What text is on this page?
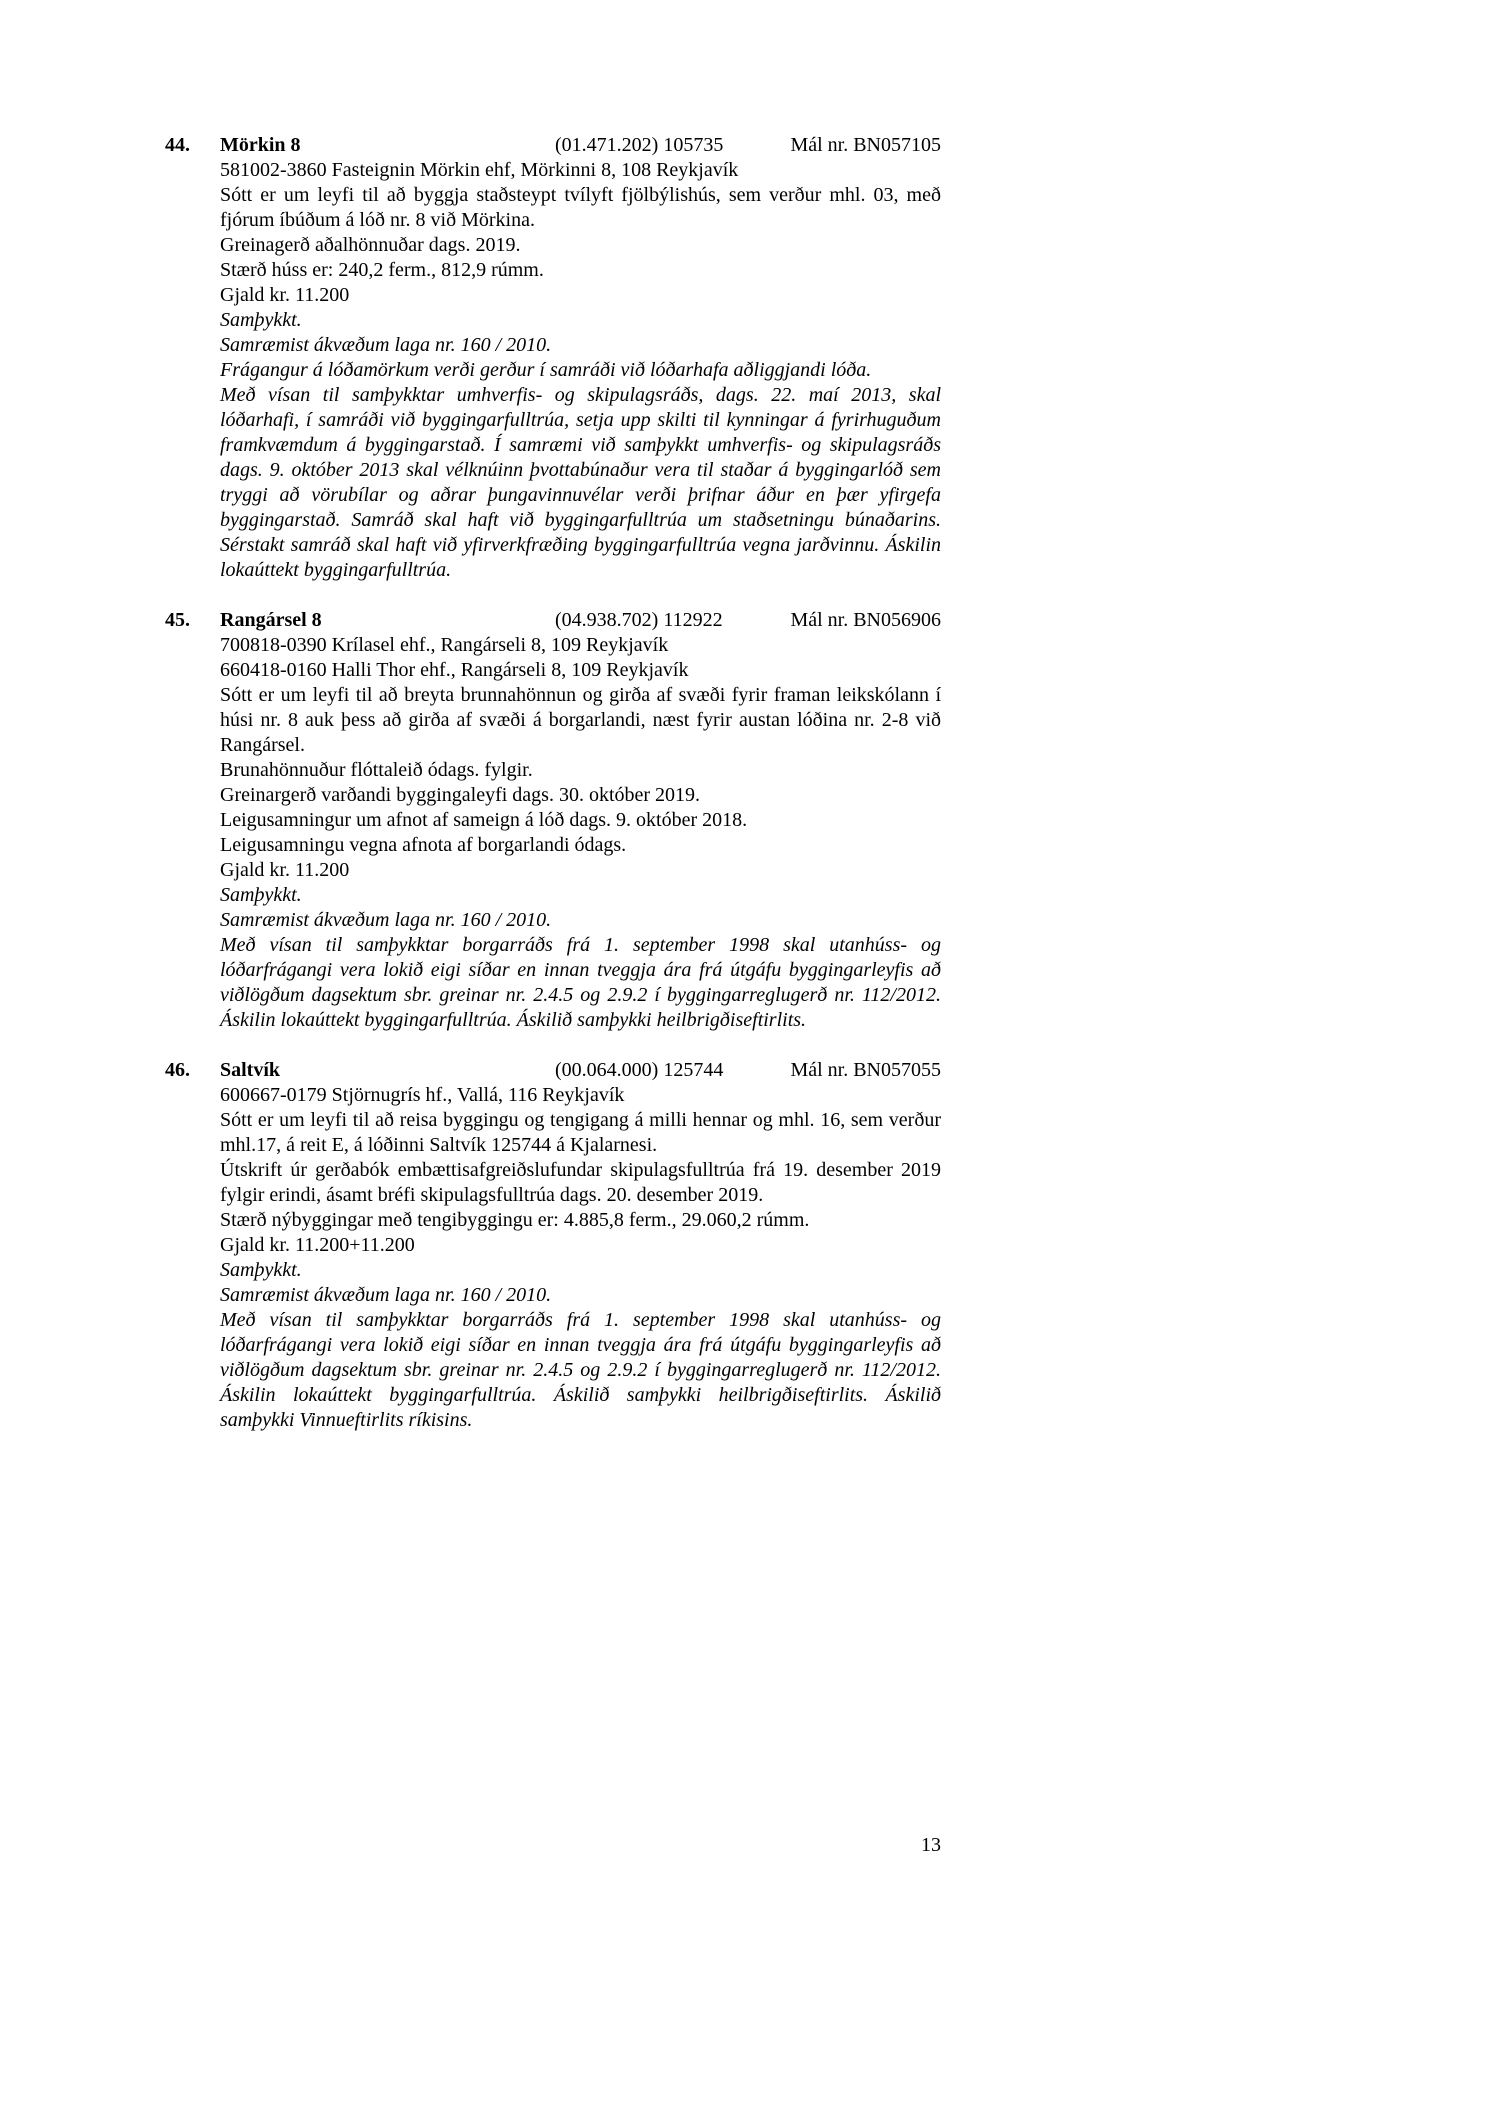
44.	Mörkin 8	(01.471.202) 105735	Mál nr. BN057105

581002-3860 Fasteignin Mörkin ehf, Mörkinni 8, 108 Reykjavík

Sótt er um leyfi til að byggja staðsteypt tvílyft fjölbýlishús, sem verður mhl. 03, með fjórum íbúðum á lóð nr. 8 við Mörkina.

Greinagerð aðalhönnuðar dags. 2019.

Stærð húss er: 240,2 ferm., 812,9 rúmm.

Gjald kr. 11.200

Samþykkt.

Samræmist ákvæðum laga nr. 160 / 2010.

Frágangur á lóðamörkum verði gerður í samráði við lóðarhafa aðliggjandi lóða.

Með vísan til samþykktar umhverfis- og skipulagsráðs, dags. 22. maí 2013, skal lóðarhafi, í samráði við byggingarfulltrúa, setja upp skilti til kynningar á fyrirhuguðum framkvæmdum á byggingarstað. Í samræmi við samþykkt umhverfis- og skipulagsráðs dags. 9. október 2013 skal vélknúinn þvottabúnaður vera til staðar á byggingarlóð sem tryggi að vörubílar og aðrar þungavinnuvélar verði þrifnar áður en þær yfirgefa byggingarstað. Samráð skal haft við byggingarfulltrúa um staðsetningu búnaðarins. Sérstakt samráð skal haft við yfirverkfræðing byggingarfulltrúa vegna jarðvinnu. Áskilin lokaúttekt byggingarfulltrúa.

45.	Rangársel 8	(04.938.702) 112922	Mál nr. BN056906

700818-0390 Krílasel ehf., Rangárseli 8, 109 Reykjavík

660418-0160 Halli Thor ehf., Rangárseli 8, 109 Reykjavík

Sótt er um leyfi til að breyta brunnahönnun og girða af svæði fyrir framan leikskólann í húsi nr. 8 auk þess að girða af svæði á borgarlandi, næst fyrir austan lóðina nr. 2-8 við Rangársel.

Brunahönnuður flóttaleið ódags. fylgir.

Greinargerð varðandi byggingaleyfi dags. 30. október 2019.

Leigusamningur um afnot af sameign á lóð dags. 9. október 2018.

Leigusamningu vegna afnota af borgarlandi ódags.

Gjald kr. 11.200

Samþykkt.

Samræmist ákvæðum laga nr. 160 / 2010.

Með vísan til samþykktar borgarráðs frá 1. september 1998 skal utanhúss- og lóðarfrágangi vera lokið eigi síðar en innan tveggja ára frá útgáfu byggingarleyfis að viðlögðum dagsektum sbr. greinar nr. 2.4.5 og 2.9.2 í byggingarreglugerð nr. 112/2012. Áskilin lokaúttekt byggingarfulltrúa. Áskilið samþykki heilbrigðiseftirlits.

46.	Saltvík	(00.064.000) 125744	Mál nr. BN057055

600667-0179 Stjörnugrís hf., Vallá, 116 Reykjavík

Sótt er um leyfi til að reisa byggingu og tengigang á milli hennar og mhl. 16, sem verður mhl.17, á reit E, á lóðinni Saltvík 125744 á Kjalarnesi.

Útskrift úr gerðabók embættisafgreiðslufundar skipulagsfulltrúa frá 19. desember 2019 fylgir erindi, ásamt bréfi skipulagsfulltrúa dags. 20. desember 2019.

Stærð nýbyggingar með tengibyggingu er: 4.885,8 ferm., 29.060,2 rúmm.

Gjald kr. 11.200+11.200

Samþykkt.

Samræmist ákvæðum laga nr. 160 / 2010.

Með vísan til samþykktar borgarráðs frá 1. september 1998 skal utanhúss- og lóðarfrágangi vera lokið eigi síðar en innan tveggja ára frá útgáfu byggingarleyfis að viðlögðum dagsektum sbr. greinar nr. 2.4.5 og 2.9.2 í byggingarreglugerð nr. 112/2012. Áskilin lokaúttekt byggingarfulltrúa. Áskilið samþykki heilbrigðiseftirlits. Áskilið samþykki Vinnueftirlits ríkisins.

13
